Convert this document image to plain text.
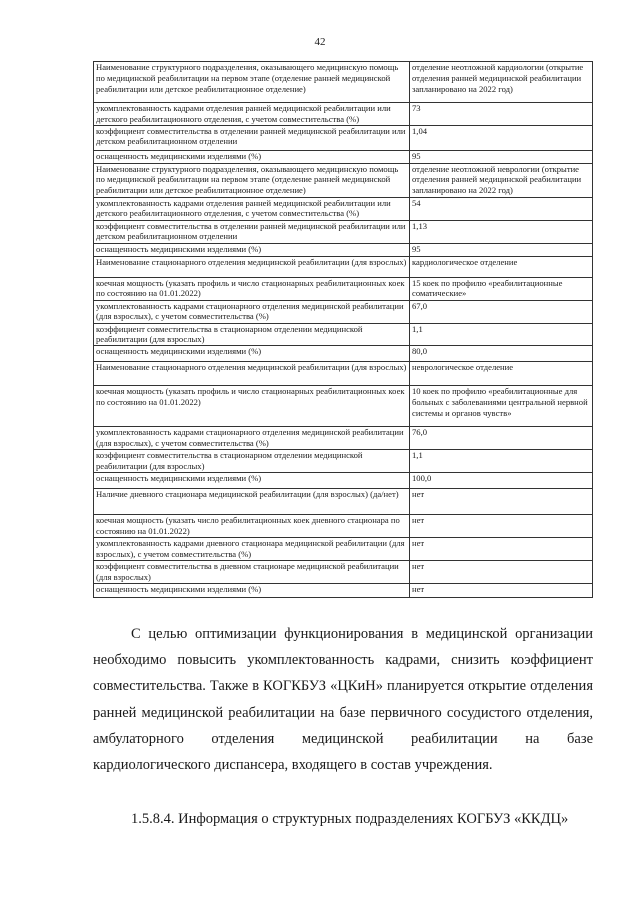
42
Наименование структурного подразделения, оказывающего медицинскую помощь по медицинской реабилитации на первом этапе (отделение ранней медицинской реабилитации или детское реабилитационное отделение)	отделение неотложной кардиологии (открытие отделения ранней медицинской реабилитации запланировано на 2022 год)
укомплектованность кадрами отделения ранней медицинской реабилитации или детского реабилитационного отделения, с учетом совместительства (%)	73
коэффициент совместительства в отделении ранней медицинской реабилитации или детском реабилитационном отделении	1,04
оснащенность медицинскими изделиями (%)	95
Наименование структурного подразделения, оказывающего медицинскую помощь по медицинской реабилитации на первом этапе (отделение ранней медицинской реабилитации или детское реабилитационное отделение)	отделение неотложной неврологии (открытие отделения ранней медицинской реабилитации запланировано на 2022 год)
укомплектованность кадрами отделения ранней медицинской реабилитации или детского реабилитационного отделения, с учетом совместительства (%)	54
коэффициент совместительства в отделении ранней медицинской реабилитации или детском реабилитационном отделении	1,13
оснащенность медицинскими изделиями (%)	95
Наименование стационарного отделения медицинской реабилитации (для взрослых)	кардиологическое отделение
коечная мощность (указать профиль и число стационарных реабилитационных коек по состоянию на 01.01.2022)	15 коек по профилю «реабилитационные соматические»
укомплектованность кадрами стационарного отделения медицинской реабилитации (для взрослых), с учетом совместительства (%)	67,0
коэффициент совместительства в стационарном отделении медицинской реабилитации (для взрослых)	1,1
оснащенность медицинскими изделиями (%)	80,0
Наименование стационарного отделения медицинской реабилитации (для взрослых)	неврологическое отделение
коечная мощность (указать профиль и число стационарных реабилитационных коек по состоянию на 01.01.2022)	10 коек по профилю «реабилитационные для больных с заболеваниями центральной нервной системы и органов чувств»
укомплектованность кадрами стационарного отделения медицинской реабилитации (для взрослых), с учетом совместительства (%)	76,0
коэффициент совместительства в стационарном отделении медицинской реабилитации (для взрослых)	1,1
оснащенность медицинскими изделиями (%)	100,0
Наличие дневного стационара медицинской реабилитации (для взрослых) (да/нет)	нет
коечная мощность (указать число реабилитационных коек дневного стационара по состоянию на 01.01.2022)	нет
укомплектованность кадрами дневного стационара медицинской реабилитации (для взрослых), с учетом совместительства (%)	нет
коэффициент совместительства в дневном стационаре медицинской реабилитации (для взрослых)	нет
оснащенность медицинскими изделиями (%)	нет
С целью оптимизации функционирования в медицинской организации необходимо повысить укомплектованность кадрами, снизить коэффициент совместительства. Также в КОГКБУЗ «ЦКиН» планируется открытие отделения ранней медицинской реабилитации на базе первичного сосудистого отделения, амбулаторного отделения медицинской реабилитации на базе кардиологического диспансера, входящего в состав учреждения.
1.5.8.4. Информация о структурных подразделениях КОГБУЗ «ККДЦ»
